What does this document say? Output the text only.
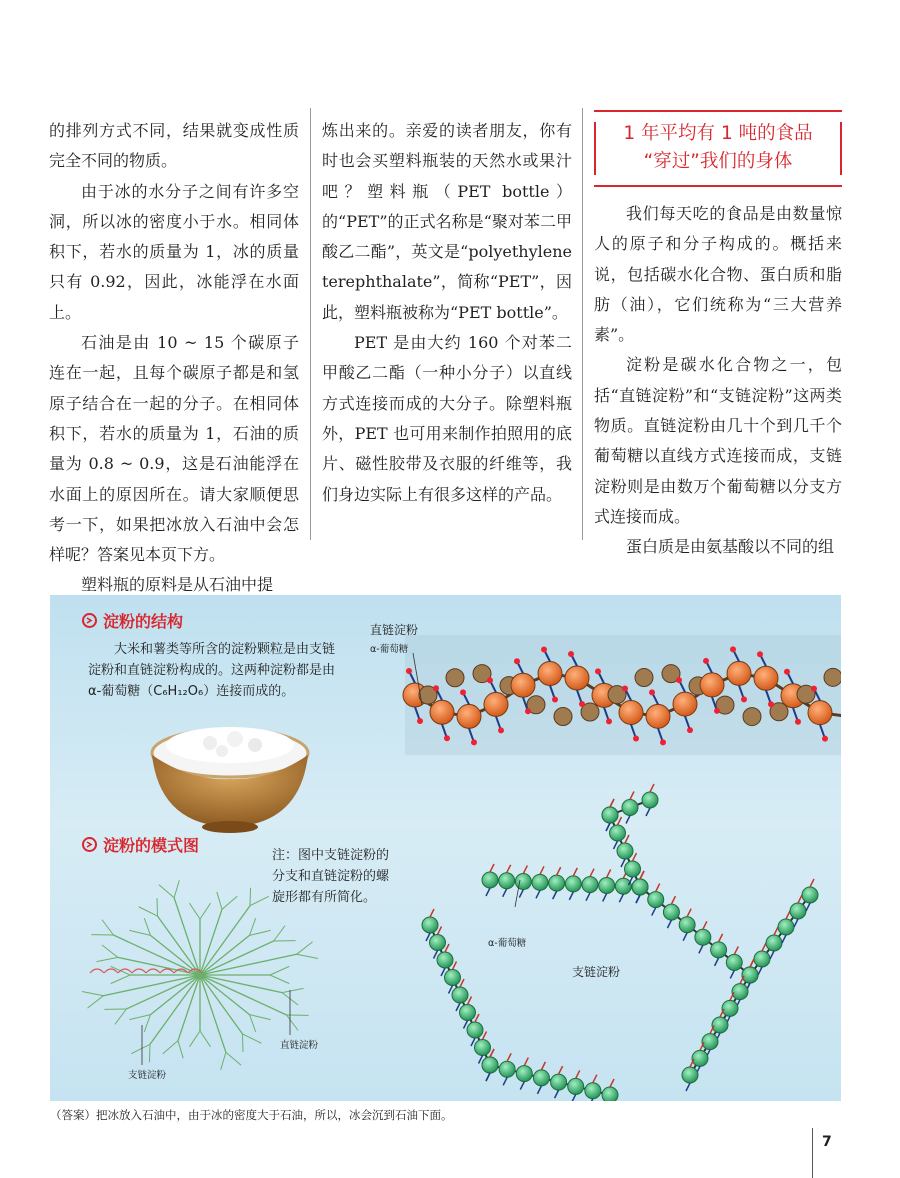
的排列方式不同，结果就变成性质完全不同的物质。

由于冰的水分子之间有许多空洞，所以冰的密度小于水。相同体积下，若水的质量为 1，冰的质量只有 0.92，因此，冰能浮在水面上。

石油是由 10 ~ 15 个碳原子连在一起，且每个碳原子都是和氢原子结合在一起的分子。在相同体积下，若水的质量为 1，石油的质量为 0.8 ~ 0.9，这是石油能浮在水面上的原因所在。请大家顺便思考一下，如果把冰放入石油中会怎样呢？答案见本页下方。

塑料瓶的原料是从石油中提

炼出来的。亲爱的读者朋友，你有时也会买塑料瓶装的天然水或果汁吧？塑料瓶（PET bottle）的“PET”的正式名称是“聚对苯二甲酸乙二酯”，英文是“polyethylene terephthalate”，简称“PET”，因此，塑料瓶被称为“PET bottle”。

PET 是由大约 160 个对苯二甲酸乙二酯（一种小分子）以直线方式连接而成的大分子。除塑料瓶外，PET 也可用来制作拍照用的底片、磁性胶带及衣服的纤维等，我们身边实际上有很多这样的产品。

1 年平均有 1 吨的食品
“穿过”我们的身体

我们每天吃的食品是由数量惊人的原子和分子构成的。概括来说，包括碳水化合物、蛋白质和脂肪（油），它们统称为“三大营养素”。

淀粉是碳水化合物之一，包括“直链淀粉”和“支链淀粉”这两类物质。直链淀粉由几十个到几千个葡萄糖以直线方式连接而成，支链淀粉则是由数万个葡萄糖以分支方式连接而成。

蛋白质是由氨基酸以不同的组

淀粉的结构
大米和薯类等所含的淀粉颗粒是由支链淀粉和直链淀粉构成的。这两种淀粉都是由 α-葡萄糖（C₆H₁₂O₆）连接而成的。
淀粉的模式图
注：图中支链淀粉的分支和直链淀粉的螺旋形都有所简化。
直链淀粉
α-葡萄糖
α-葡萄糖
支链淀粉
直链淀粉
支链淀粉
（答案）把冰放入石油中，由于冰的密度大于石油，所以，冰会沉到石油下面。
7
